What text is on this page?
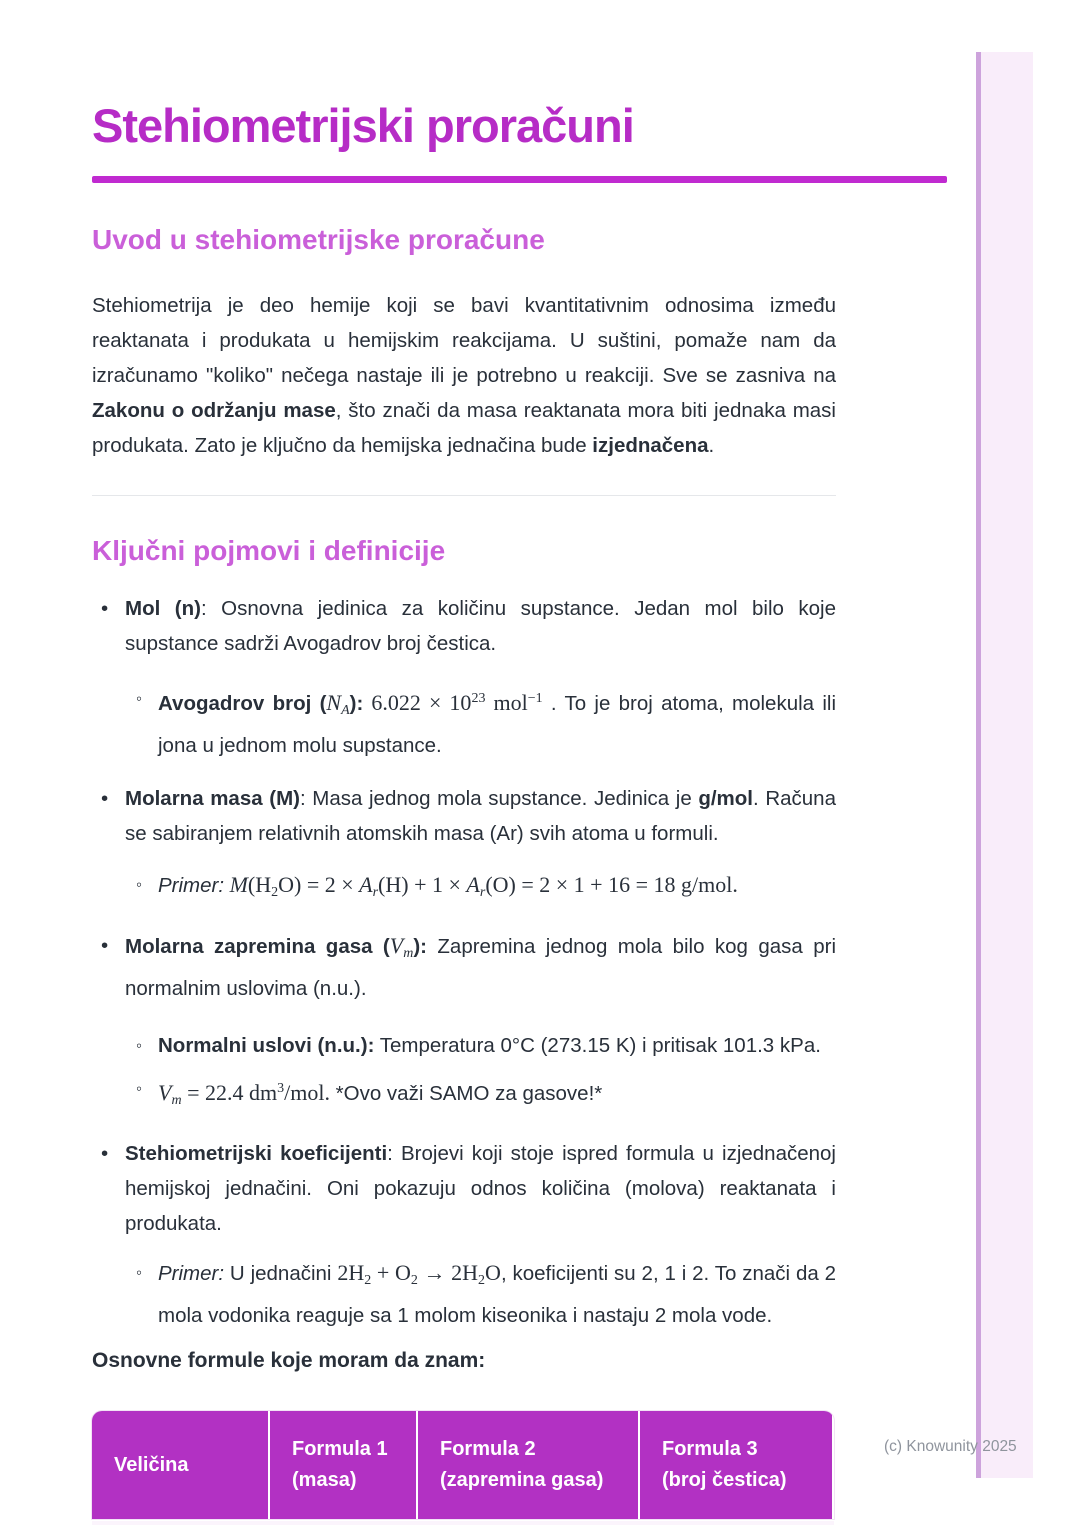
Stehiometrijski proračuni
Uvod u stehiometrijske proračune

Stehiometrija je deo hemije koji se bavi kvantitativnim odnosima između reaktanata i produkata u hemijskim reakcijama. U suštini, pomaže nam da izračunamo "koliko" nečega nastaje ili je potrebno u reakciji. Sve se zasniva na Zakonu o održanju mase, što znači da masa reaktanata mora biti jednaka masi produkata. Zato je ključno da hemijska jednačina bude izjednačena.

Ključni pojmovi i definicije
• Mol (n): Osnovna jedinica za količinu supstance. Jedan mol bilo koje supstance sadrži Avogadrov broj čestica.
◦ Avogadrov broj (NA): $6.022 \times 10^{23}$ mol$^{-1}$ . To je broj atoma, molekula ili jona u jednom molu supstance.
• Molarna masa (M): Masa jednog mola supstance. Jedinica je g/mol. Računa se sabiranjem relativnih atomskih masa (Ar) svih atoma u formuli.
◦ Primer: M(H2O) = 2 × Ar(H) + 1 × Ar(O) = 2 × 1 + 16 = 18 g/mol.
• Molarna zapremina gasa (Vm): Zapremina jednog mola bilo kog gasa pri normalnim uslovima (n.u.).
◦ Normalni uslovi (n.u.): Temperatura 0°C (273.15 K) i pritisak 101.3 kPa.
◦ Vm = 22.4 $dm^3$/mol. *Ovo važi SAMO za gasove!*
• Stehiometrijski koeficijenti: Brojevi koji stoje ispred formula u izjednačenoj hemijskoj jednačini. Oni pokazuju odnos količina (molova) reaktanata i produkata.
◦ Primer: U jednačini 2H2 + O2 → 2H2O, koeficijenti su 2, 1 i 2. To znači da 2 mola vodonika reaguje sa 1 molom kiseonika i nastaju 2 mola vode.
Osnovne formule koje moram da znam:
Veličina
Formula 1
(masa)
Formula 2
(zapremina gasa)
Formula 3
(broj čestica)
(c) Knowunity 2025
